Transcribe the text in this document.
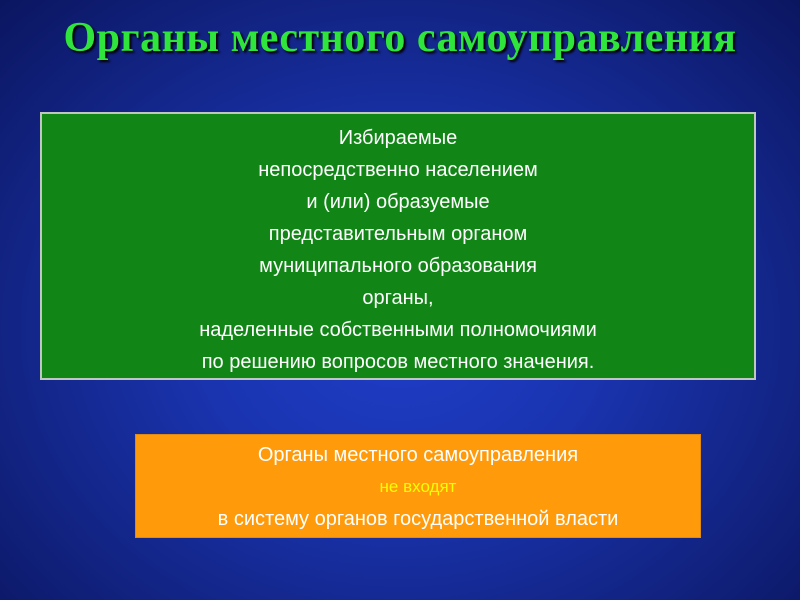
Органы местного самоуправления
Избираемые
непосредственно населением
и (или) образуемые
представительным органом
муниципального образования
органы,
наделенные собственными полномочиями
по решению вопросов местного значения.
Органы местного самоуправления
не входят
в систему органов государственной власти
